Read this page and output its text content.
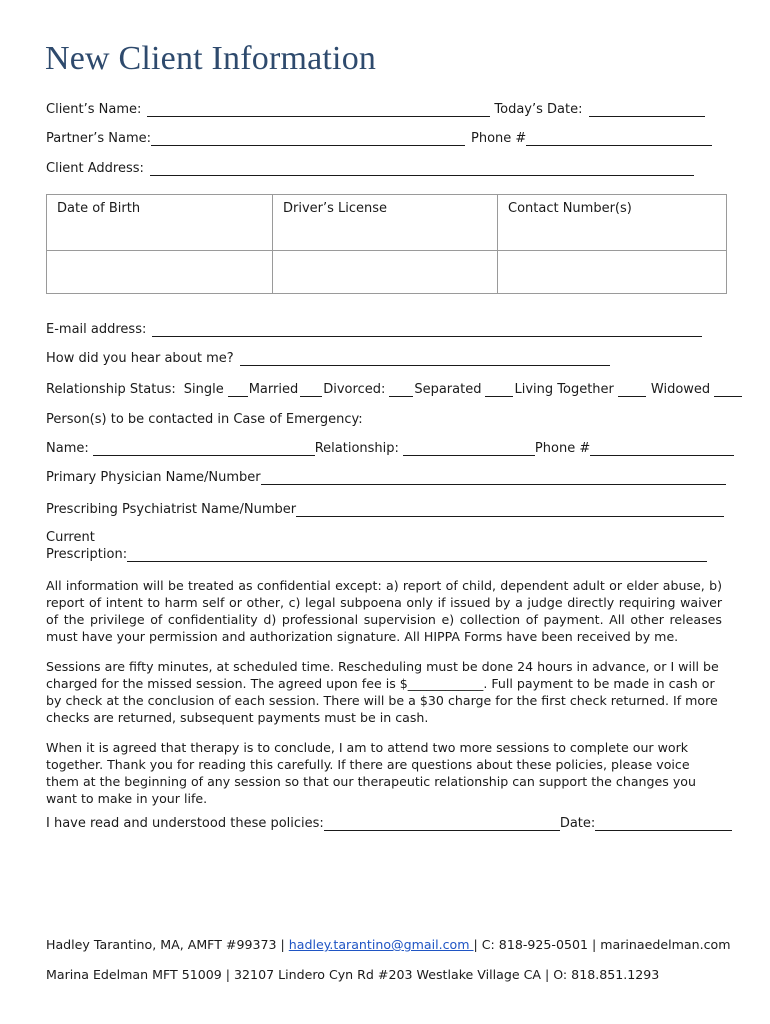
New Client Information
Client’s Name:	Today’s Date:
Partner’s Name:	Phone #
Client Address:
Date of Birth	Driver’s License	Contact Number(s)

E-mail address:
How did you hear about me?
Relationship Status: Single Married Divorced: Separated	Living Together	Widowed
Person(s) to be contacted in Case of Emergency:
Name:	Relationship:	Phone #
Primary Physician Name/Number
Prescribing Psychiatrist Name/Number
Current
Prescription:

All information will be treated as confidential except: a) report of child, dependent adult or elder abuse, b) report of intent to harm self or other, c) legal subpoena only if issued by a judge directly requiring waiver of the privilege of confidentiality d) professional supervision e) collection of payment. All other releases must have your permission and authorization signature. All HIPPA Forms have been received by me.

Sessions are fifty minutes, at scheduled time. Rescheduling must be done 24 hours in advance, or I will be charged for the missed session. The agreed upon fee is $____________. Full payment to be made in cash or by check at the conclusion of each session. There will be a $30 charge for the first check returned. If more checks are returned, subsequent payments must be in cash.

When it is agreed that therapy is to conclude, I am to attend two more sessions to complete our work together. Thank you for reading this carefully. If there are questions about these policies, please voice them at the beginning of any session so that our therapeutic relationship can support the changes you want to make in your life.

I have read and understood these policies:	Date:
Hadley Tarantino, MA, AMFT #99373 | hadley.tarantino@gmail.com | C: 818-925-0501 | marinaedelman.com
Marina Edelman MFT 51009 | 32107 Lindero Cyn Rd #203 Westlake Village CA | O: 818.851.1293
